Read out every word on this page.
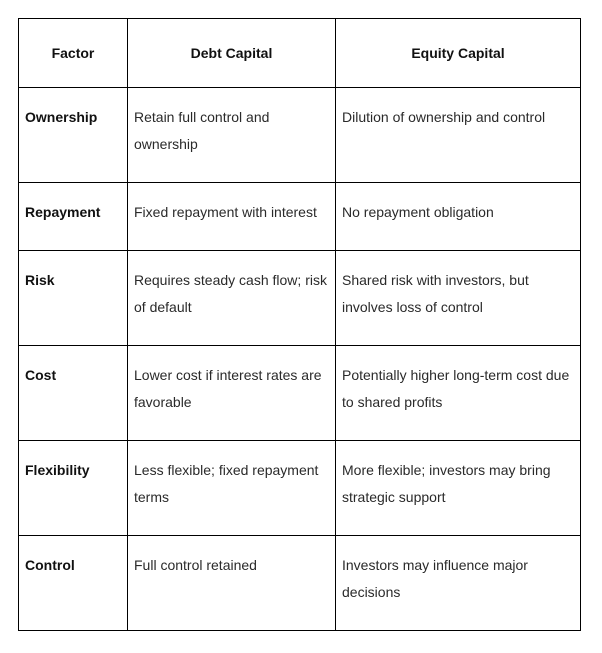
Factor	Debt Capital	Equity Capital
Ownership	Retain full control and ownership	Dilution of ownership and control
Repayment	Fixed repayment with interest	No repayment obligation
Risk	Requires steady cash flow; risk of default	Shared risk with investors, but involves loss of control
Cost	Lower cost if interest rates are favorable	Potentially higher long-term cost due to shared profits
Flexibility	Less flexible; fixed repayment terms	More flexible; investors may bring strategic support
Control	Full control retained	Investors may influence major decisions
